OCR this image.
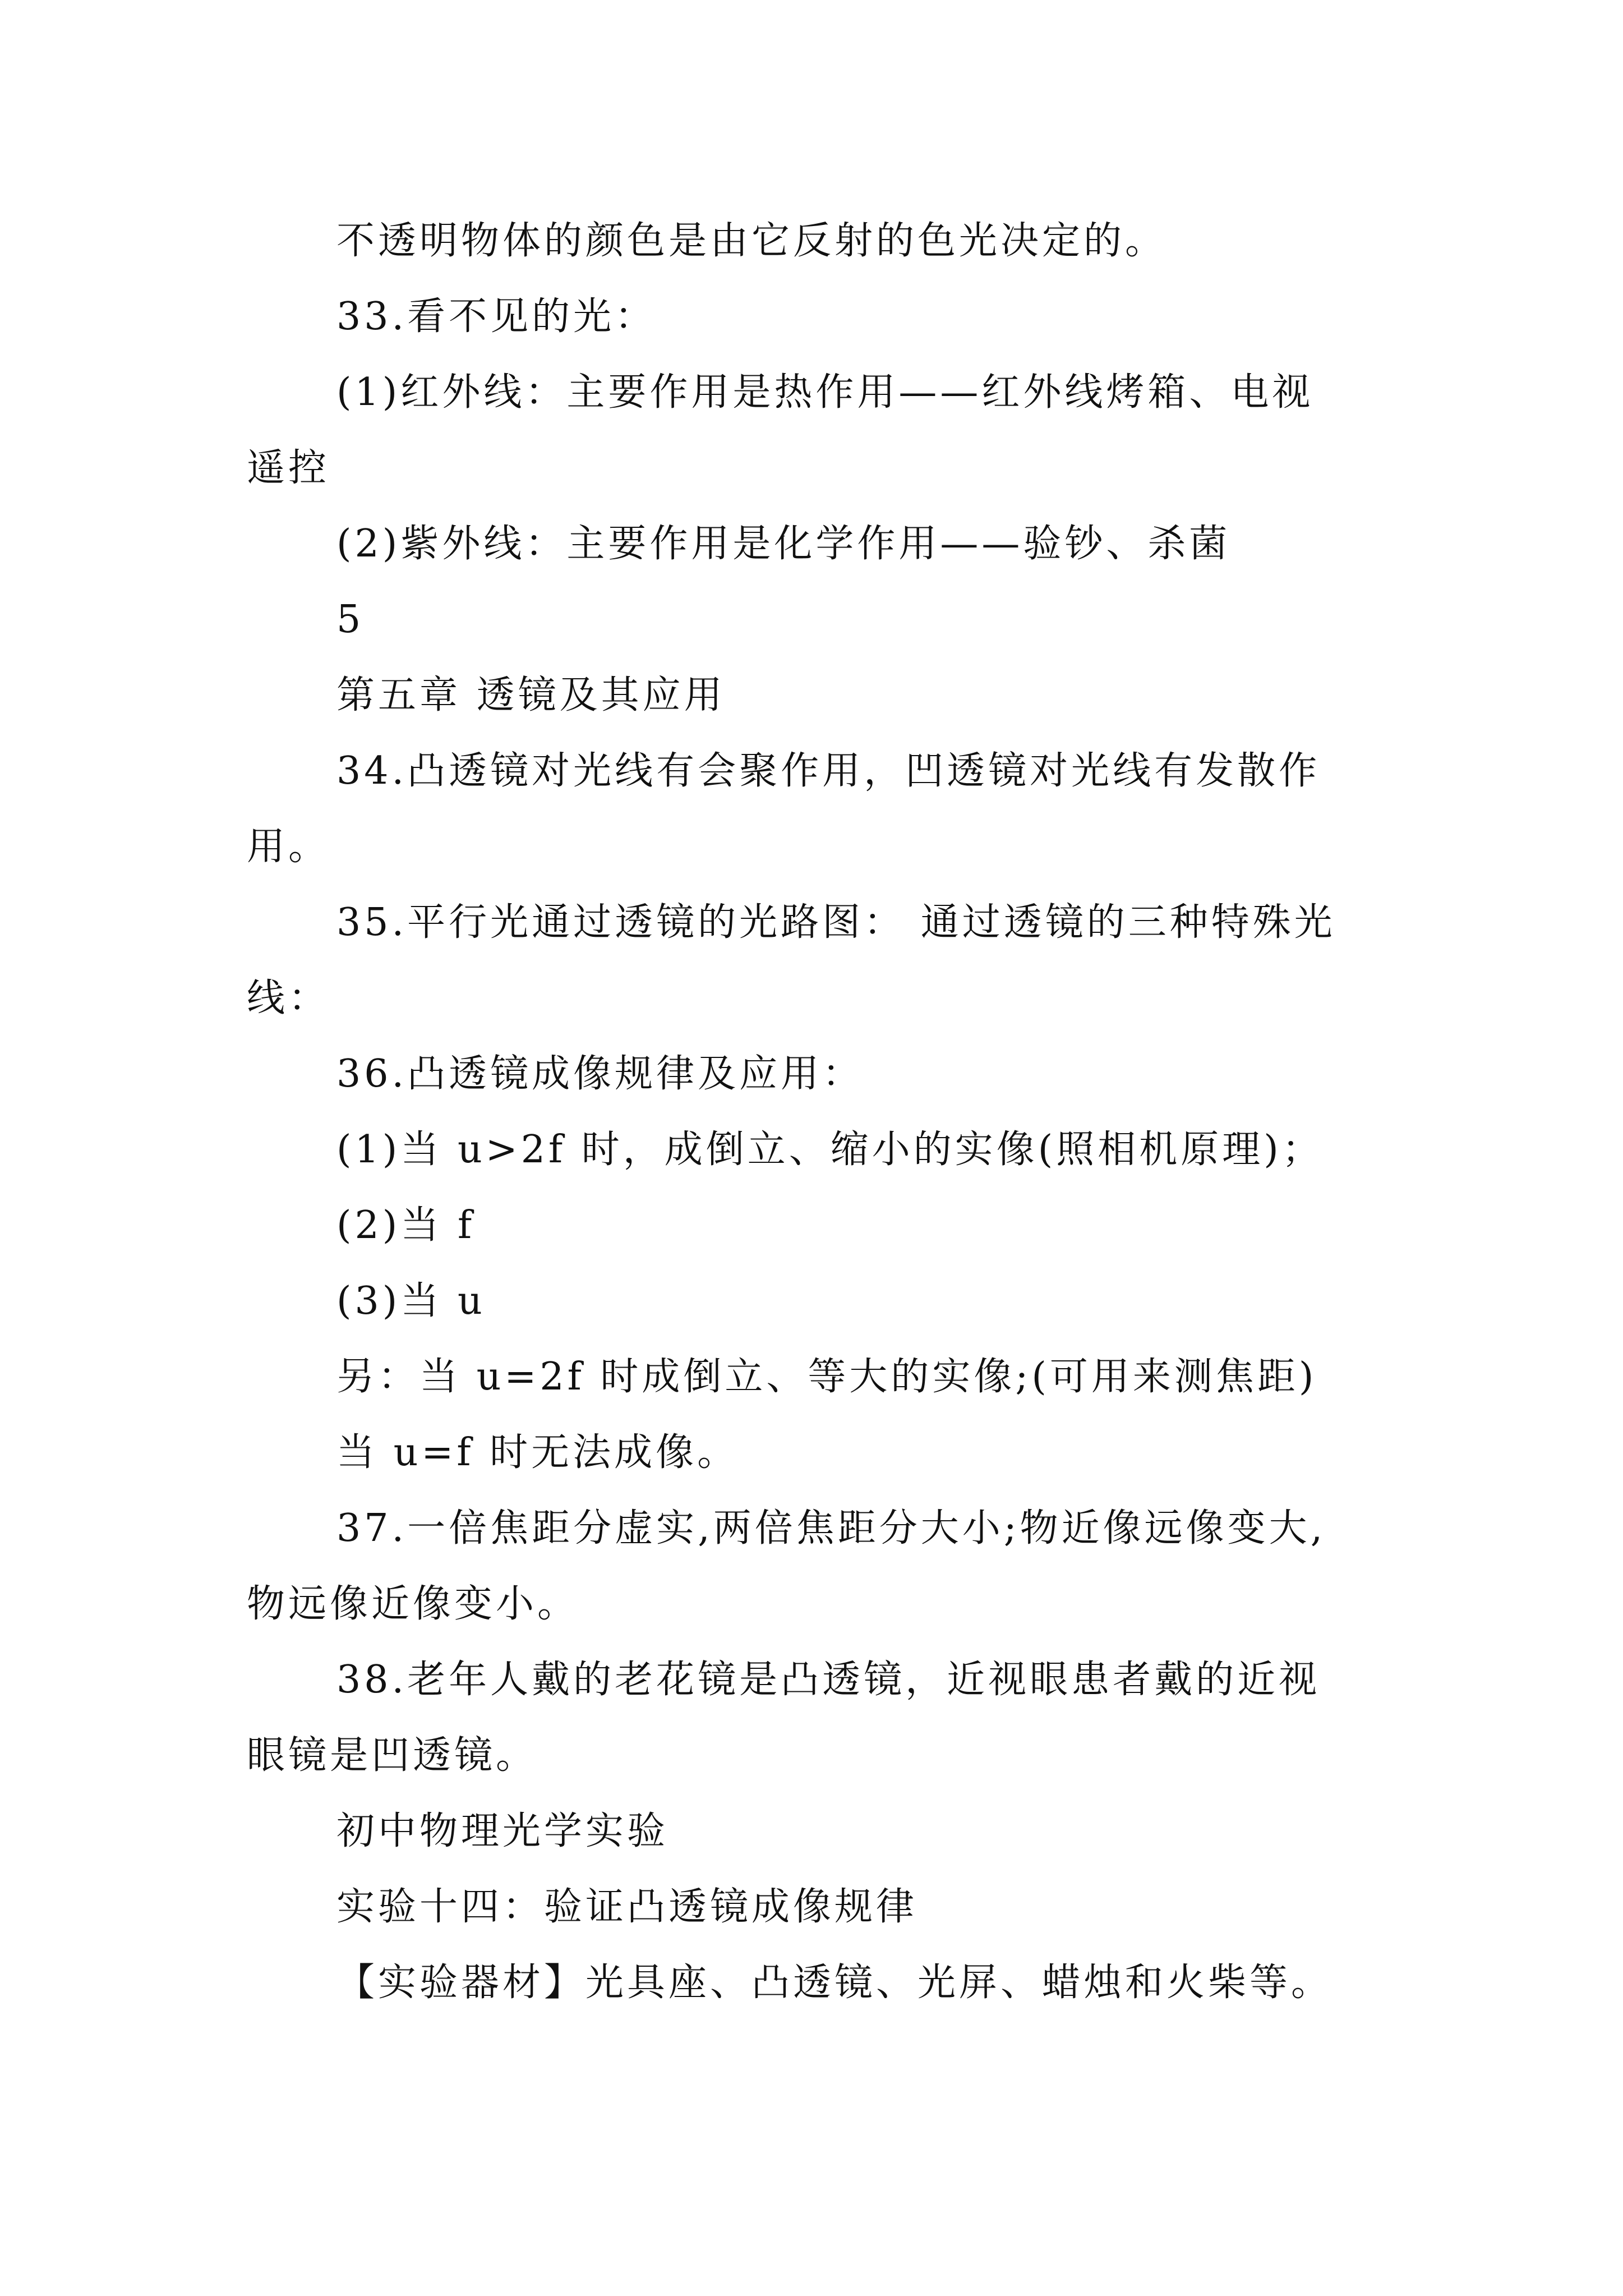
不透明物体的颜色是由它反射的色光决定的。
33.看不见的光：
(1)红外线：主要作用是热作用——红外线烤箱、电视
遥控
(2)紫外线：主要作用是化学作用——验钞、杀菌
5
第五章 透镜及其应用
34.凸透镜对光线有会聚作用，凹透镜对光线有发散作
用。
35.平行光通过透镜的光路图： 通过透镜的三种特殊光
线：
36.凸透镜成像规律及应用：
(1)当 u>2f 时，成倒立、缩小的实像(照相机原理)；
(2)当 f
(3)当 u
另：当 u=2f 时成倒立、等大的实像;(可用来测焦距)
当 u=f 时无法成像。
37.一倍焦距分虚实,两倍焦距分大小;物近像远像变大,
物远像近像变小。
38.老年人戴的老花镜是凸透镜，近视眼患者戴的近视
眼镜是凹透镜。
初中物理光学实验
实验十四：验证凸透镜成像规律
【实验器材】光具座、凸透镜、光屏、蜡烛和火柴等。
